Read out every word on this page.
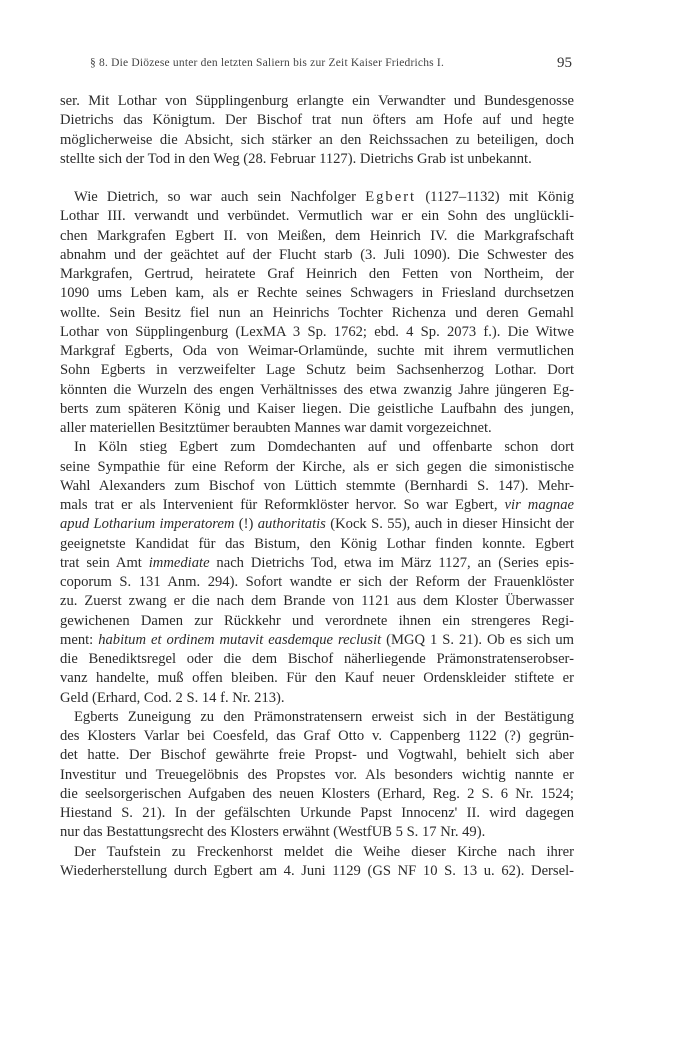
§ 8. Die Diözese unter den letzten Saliern bis zur Zeit Kaiser Friedrichs I.	95
ser. Mit Lothar von Süpplingenburg erlangte ein Verwandter und Bundesgenosse
Dietrichs das Königtum. Der Bischof trat nun öfters am Hofe auf und hegte
möglicherweise die Absicht, sich stärker an den Reichssachen zu beteiligen, doch
stellte sich der Tod in den Weg (28. Februar 1127). Dietrichs Grab ist unbekannt.
Wie Dietrich, so war auch sein Nachfolger Egbert (1127–1132) mit König
Lothar III. verwandt und verbündet. Vermutlich war er ein Sohn des unglückli-
chen Markgrafen Egbert II. von Meißen, dem Heinrich IV. die Markgrafschaft
abnahm und der geächtet auf der Flucht starb (3. Juli 1090). Die Schwester des
Markgrafen, Gertrud, heiratete Graf Heinrich den Fetten von Northeim, der
1090 ums Leben kam, als er Rechte seines Schwagers in Friesland durchsetzen
wollte. Sein Besitz fiel nun an Heinrichs Tochter Richenza und deren Gemahl
Lothar von Süpplingenburg (LexMA 3 Sp. 1762; ebd. 4 Sp. 2073 f.). Die Witwe
Markgraf Egberts, Oda von Weimar-Orlamünde, suchte mit ihrem vermutlichen
Sohn Egberts in verzweifelter Lage Schutz beim Sachsenherzog Lothar. Dort
könnten die Wurzeln des engen Verhältnisses des etwa zwanzig Jahre jüngeren Eg-
berts zum späteren König und Kaiser liegen. Die geistliche Laufbahn des jungen,
aller materiellen Besitztümer beraubten Mannes war damit vorgezeichnet.
In Köln stieg Egbert zum Domdechanten auf und offenbarte schon dort
seine Sympathie für eine Reform der Kirche, als er sich gegen die simonistische
Wahl Alexanders zum Bischof von Lüttich stemmte (Bernhardi S. 147). Mehr-
mals trat er als Intervenient für Reformklöster hervor. So war Egbert, vir magnae
apud Lotharium imperatorem (!) authoritatis (Kock S. 55), auch in dieser Hinsicht der
geeignetste Kandidat für das Bistum, den König Lothar finden konnte. Egbert
trat sein Amt immediate nach Dietrichs Tod, etwa im März 1127, an (Series epis-
coporum S. 131 Anm. 294). Sofort wandte er sich der Reform der Frauenklöster
zu. Zuerst zwang er die nach dem Brande von 1121 aus dem Kloster Überwasser
gewichenen Damen zur Rückkehr und verordnete ihnen ein strengeres Regi-
ment: habitum et ordinem mutavit easdemque reclusit (MGQ 1 S. 21). Ob es sich um
die Benediktsregel oder die dem Bischof näherliegende Prämonstratenserobser-
vanz handelte, muß offen bleiben. Für den Kauf neuer Ordenskleider stiftete er
Geld (Erhard, Cod. 2 S. 14 f. Nr. 213).
Egberts Zuneigung zu den Prämonstratensern erweist sich in der Bestätigung
des Klosters Varlar bei Coesfeld, das Graf Otto v. Cappenberg 1122 (?) gegrün-
det hatte. Der Bischof gewährte freie Propst- und Vogtwahl, behielt sich aber
Investitur und Treuegelöbnis des Propstes vor. Als besonders wichtig nannte er
die seelsorgerischen Aufgaben des neuen Klosters (Erhard, Reg. 2 S. 6 Nr. 1524;
Hiestand S. 21). In der gefälschten Urkunde Papst Innocenz' II. wird dagegen
nur das Bestattungsrecht des Klosters erwähnt (WestfUB 5 S. 17 Nr. 49).
Der Taufstein zu Freckenhorst meldet die Weihe dieser Kirche nach ihrer
Wiederherstellung durch Egbert am 4. Juni 1129 (GS NF 10 S. 13 u. 62). Dersel-
